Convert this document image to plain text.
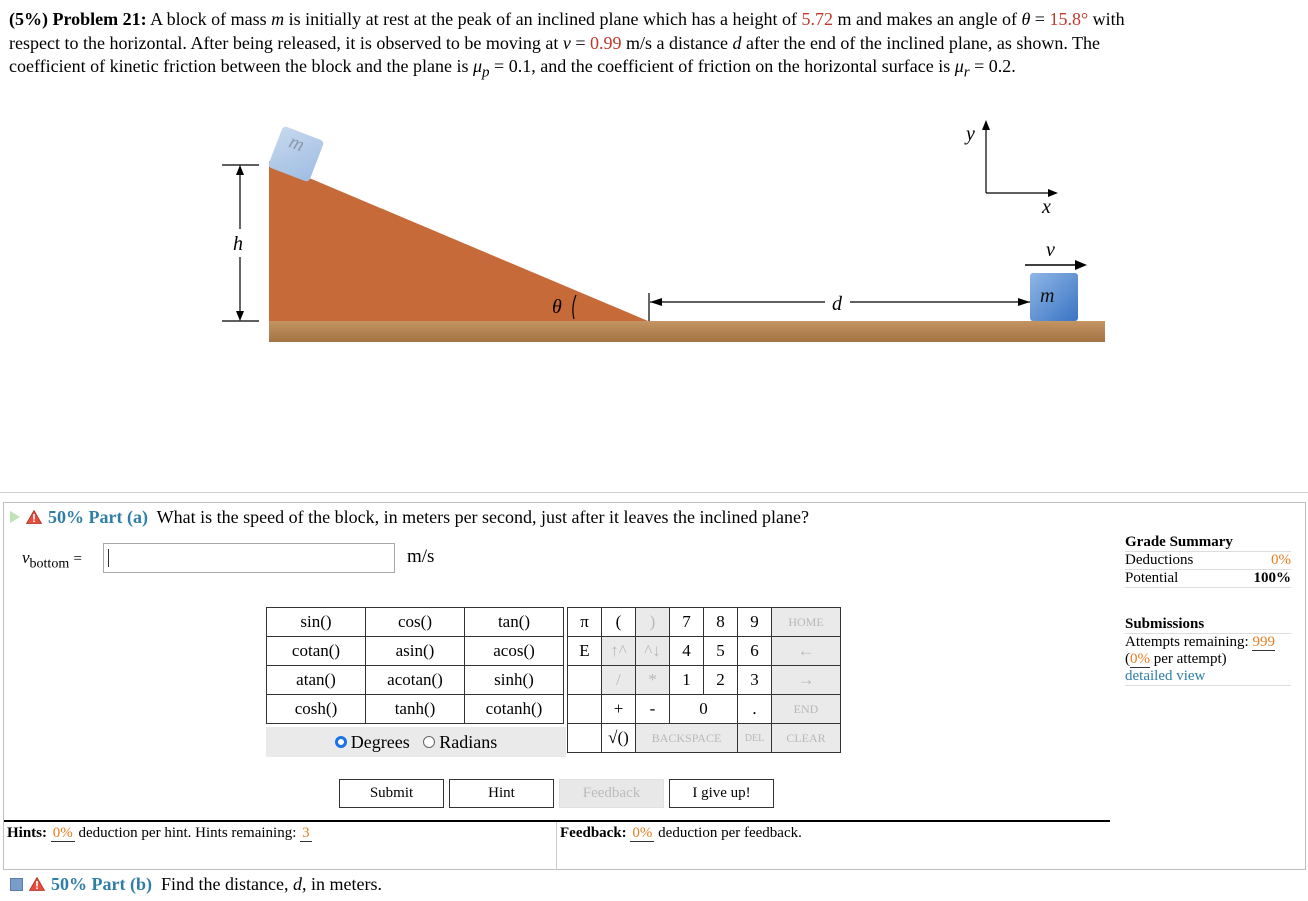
(5%) Problem 21: A block of mass m is initially at rest at the peak of an inclined plane which has a height of 5.72 m and makes an angle of θ = 15.8° with
respect to the horizontal. After being released, it is observed to be moving at v = 0.99 m/s a distance d after the end of the inclined plane, as shown. The
coefficient of kinetic friction between the block and the plane is $\mu_p = 0.1$, and the coefficient of friction on the horizontal surface is $\mu_r = 0.2$.
m
h
θ	d	m
v
y
x
50% Part (a) What is the speed of the block, in meters per second, just after it leaves the inclined plane?
$v_{bottom}$ =	m/s
sin()	cos()	tan()
cotan()	asin()	acos()
atan()	acotan()	sinh()
cosh()	tanh()	cotanh()
Degrees Radians
π	(	)	7	8	9	HOME
E	↑^	^↓	4	5	6	←
	/	*	1	2	3	→
	+	-	0		.	END
	√()	BACKSPACE			DEL	CLEAR
Submit	Hint	Feedback	I give up!
Hints: 0% deduction per hint. Hints remaining: 3	Feedback: 0% deduction per feedback.
Grade Summary
Deductions	0%
Potential	100%
Submissions
Attempts remaining: 999
(0% per attempt)
detailed view
50% Part (b) Find the distance, d, in meters.
